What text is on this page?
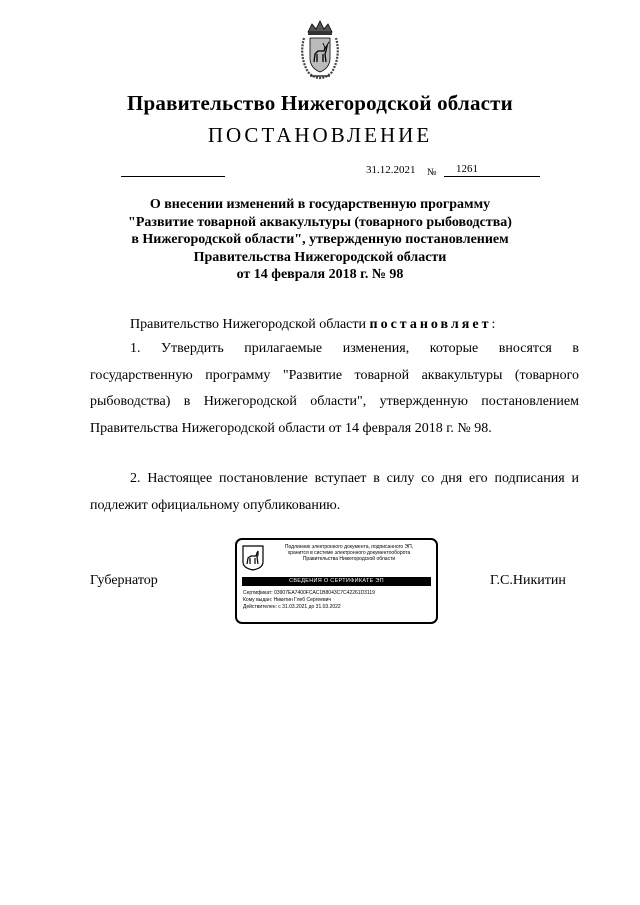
Правительство Нижегородской области
ПОСТАНОВЛЕНИЕ
31.12.2021 №	1261
О внесении изменений в государственную программу
"Развитие товарной аквакультуры (товарного рыбоводства)
в Нижегородской области", утвержденную постановлением
Правительства Нижегородской области
от 14 февраля 2018 г. № 98
Правительство Нижегородской области постановляет:
1. Утвердить прилагаемые изменения, которые вносятся в государственную программу "Развитие товарной аквакультуры (товарного рыбоводства) в Нижегородской области", утвержденную постановлением Правительства Нижегородской области от 14 февраля 2018 г. № 98.
2. Настоящее постановление вступает в силу со дня его подписания и подлежит официальному опубликованию.
Губернатор	Г.С.Никитин
Подлинник электронного документа, подписанного ЭП,
хранится в системе электронного документооборота
Правительства Нижегородской области
СВЕДЕНИЯ О СЕРТИФИКАТЕ ЭП
Сертификат: 03907EA7400FCAC1B8043C7C42261D3119
Кому выдан: Никитин Глеб Сергеевич
Действителен: с 31.03.2021 до 31.03.2022
